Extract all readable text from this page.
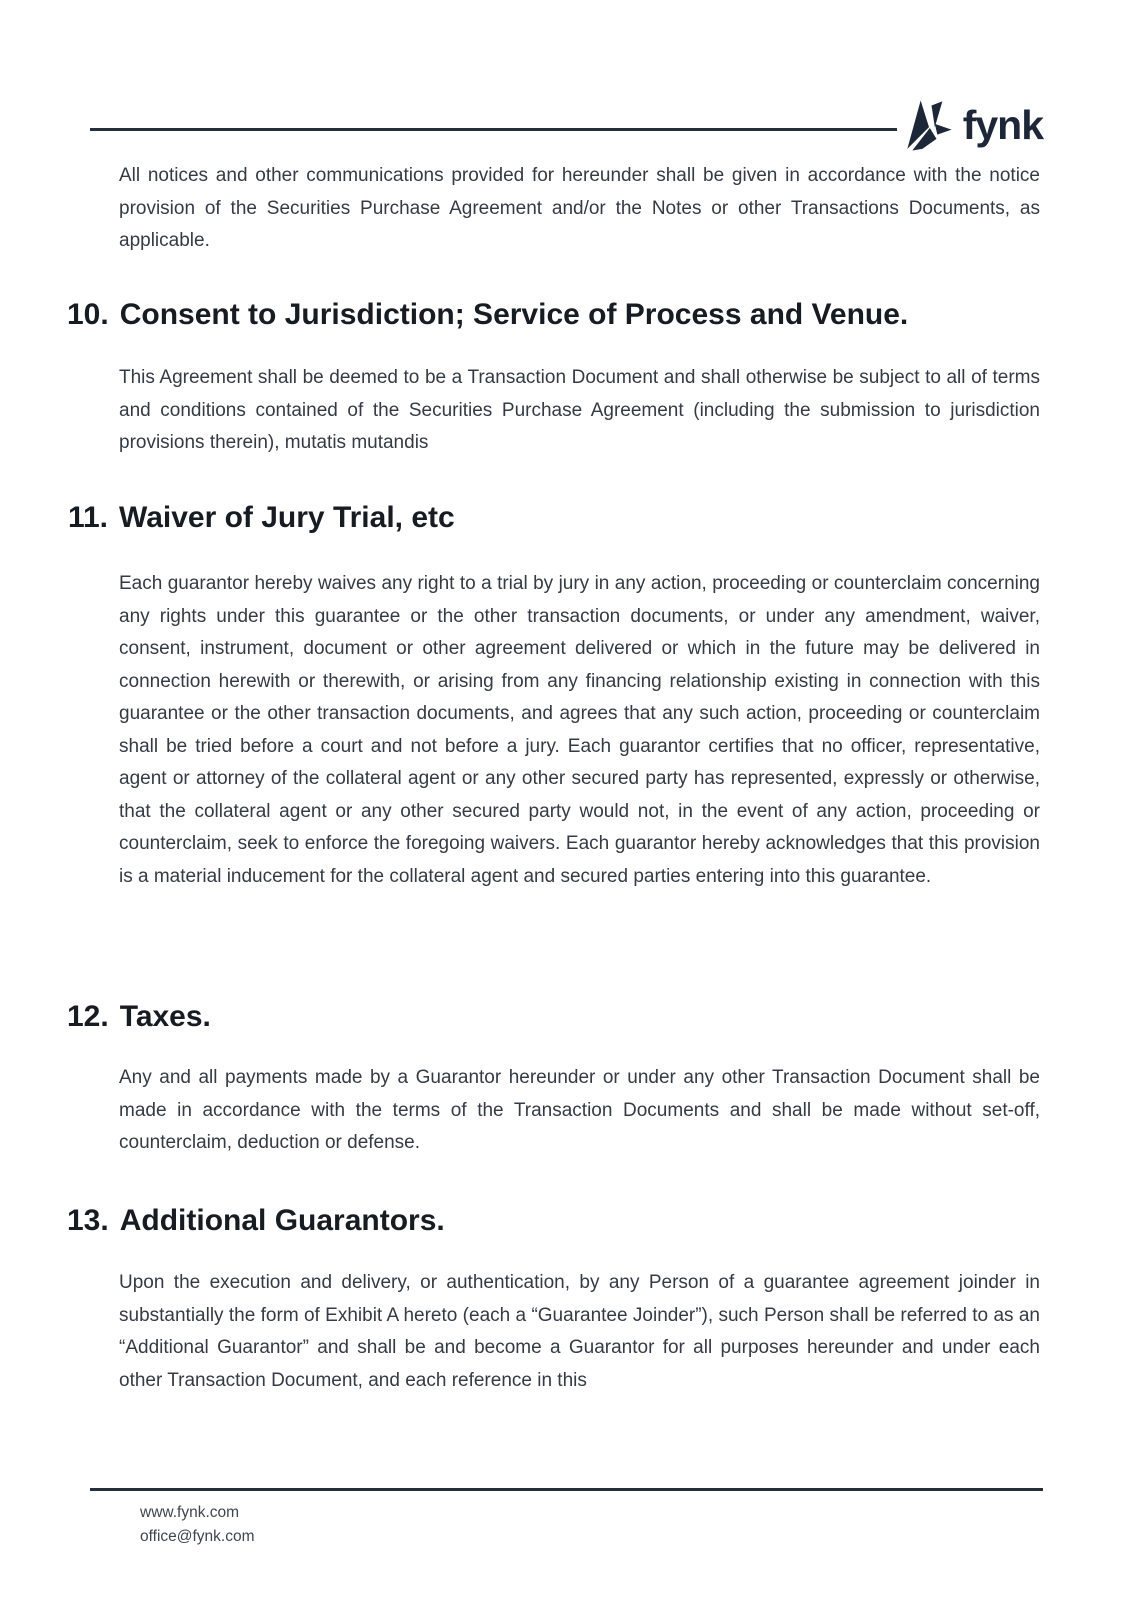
fynk
All notices and other communications provided for hereunder shall be given in accordance with the notice provision of the Securities Purchase Agreement and/or the Notes or other Transactions Documents, as applicable.
10. Consent to Jurisdiction; Service of Process and Venue.
This Agreement shall be deemed to be a Transaction Document and shall otherwise be subject to all of terms and conditions contained of the Securities Purchase Agreement (including the submission to jurisdiction provisions therein), mutatis mutandis
11. Waiver of Jury Trial, etc
Each guarantor hereby waives any right to a trial by jury in any action, proceeding or counterclaim concerning any rights under this guarantee or the other transaction documents, or under any amendment, waiver, consent, instrument, document or other agreement delivered or which in the future may be delivered in connection herewith or therewith, or arising from any financing relationship existing in connection with this guarantee or the other transaction documents, and agrees that any such action, proceeding or counterclaim shall be tried before a court and not before a jury. Each guarantor certifies that no officer, representative, agent or attorney of the collateral agent or any other secured party has represented, expressly or otherwise, that the collateral agent or any other secured party would not, in the event of any action, proceeding or counterclaim, seek to enforce the foregoing waivers. Each guarantor hereby acknowledges that this provision is a material inducement for the collateral agent and secured parties entering into this guarantee.
12. Taxes.
Any and all payments made by a Guarantor hereunder or under any other Transaction Document shall be made in accordance with the terms of the Transaction Documents and shall be made without set-off, counterclaim, deduction or defense.
13. Additional Guarantors.
Upon the execution and delivery, or authentication, by any Person of a guarantee agreement joinder in substantially the form of Exhibit A hereto (each a “Guarantee Joinder”), such Person shall be referred to as an “Additional Guarantor” and shall be and become a Guarantor for all purposes hereunder and under each other Transaction Document, and each reference in this
www.fynk.com
office@fynk.com
